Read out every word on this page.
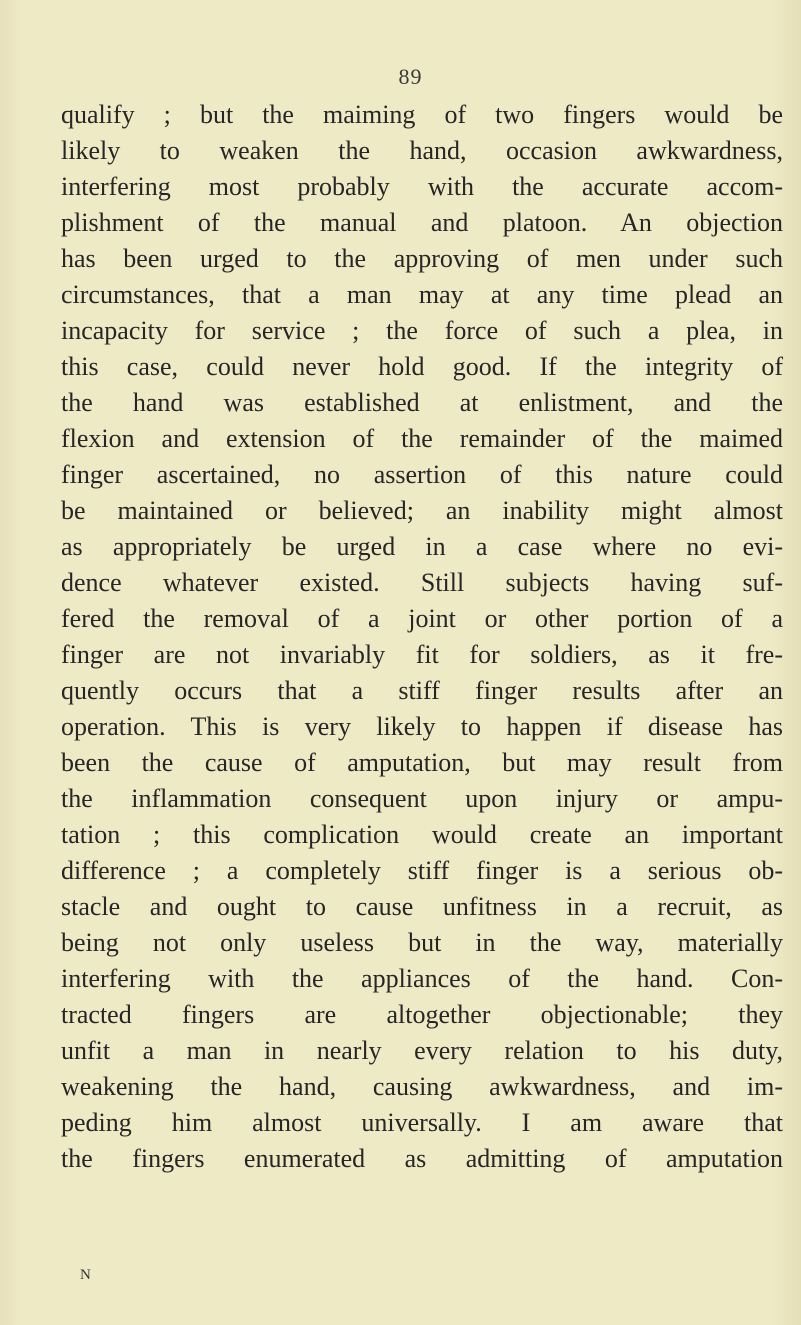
89
qualify ; but the maiming of two fingers would be
likely to weaken the hand, occasion awkwardness,
interfering most probably with the accurate accom-
plishment of the manual and platoon. An objection
has been urged to the approving of men under such
circumstances, that a man may at any time plead an
incapacity for service ; the force of such a plea, in
this case, could never hold good. If the integrity of
the hand was established at enlistment, and the
flexion and extension of the remainder of the maimed
finger ascertained, no assertion of this nature could
be maintained or believed; an inability might almost
as appropriately be urged in a case where no evi-
dence whatever existed. Still subjects having suf-
fered the removal of a joint or other portion of a
finger are not invariably fit for soldiers, as it fre-
quently occurs that a stiff finger results after an
operation. This is very likely to happen if disease has
been the cause of amputation, but may result from
the inflammation consequent upon injury or ampu-
tation ; this complication would create an important
difference ; a completely stiff finger is a serious ob-
stacle and ought to cause unfitness in a recruit, as
being not only useless but in the way, materially
interfering with the appliances of the hand. Con-
tracted fingers are altogether objectionable; they
unfit a man in nearly every relation to his duty,
weakening the hand, causing awkwardness, and im-
peding him almost universally. I am aware that
the fingers enumerated as admitting of amputation
N
